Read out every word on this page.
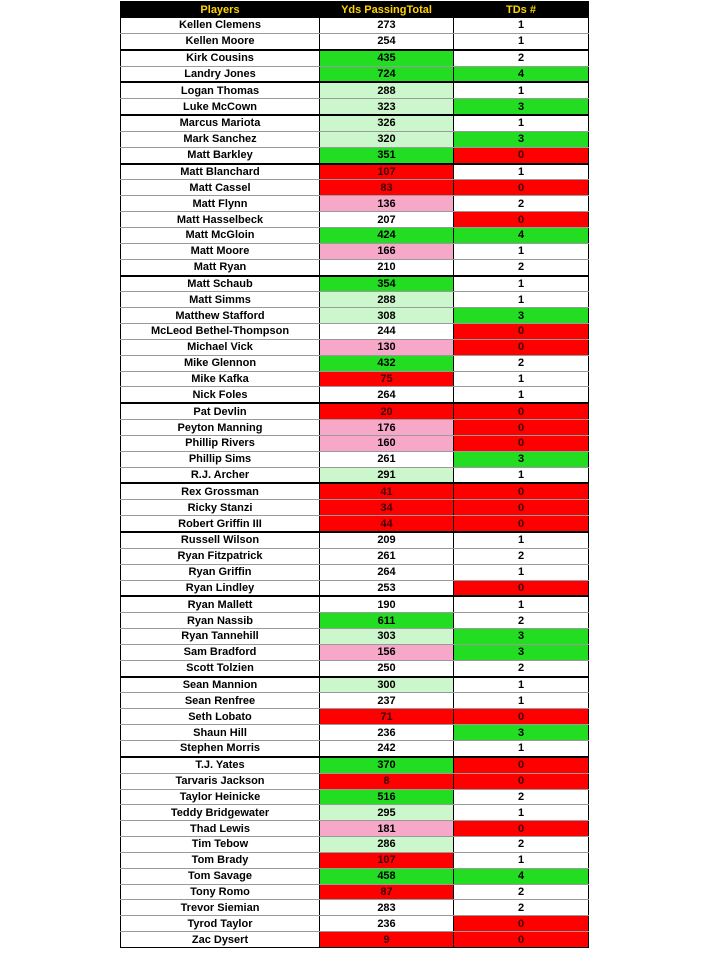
Players	Yds PassingTotal	TDs #
Kellen Clemens	273	1
Kellen Moore	254	1
Kirk Cousins	435	2
Landry Jones	724	4
Logan Thomas	288	1
Luke McCown	323	3
Marcus Mariota	326	1
Mark Sanchez	320	3
Matt Barkley	351	0
Matt Blanchard	107	1
Matt Cassel	83	0
Matt Flynn	136	2
Matt Hasselbeck	207	0
Matt McGloin	424	4
Matt Moore	166	1
Matt Ryan	210	2
Matt Schaub	354	1
Matt Simms	288	1
Matthew Stafford	308	3
McLeod Bethel-Thompson	244	0
Michael Vick	130	0
Mike Glennon	432	2
Mike Kafka	75	1
Nick Foles	264	1
Pat Devlin	20	0
Peyton Manning	176	0
Phillip Rivers	160	0
Phillip Sims	261	3
R.J. Archer	291	1
Rex Grossman	41	0
Ricky Stanzi	34	0
Robert Griffin III	44	0
Russell Wilson	209	1
Ryan Fitzpatrick	261	2
Ryan Griffin	264	1
Ryan Lindley	253	0
Ryan Mallett	190	1
Ryan Nassib	611	2
Ryan Tannehill	303	3
Sam Bradford	156	3
Scott Tolzien	250	2
Sean Mannion	300	1
Sean Renfree	237	1
Seth Lobato	71	0
Shaun Hill	236	3
Stephen Morris	242	1
T.J. Yates	370	0
Tarvaris Jackson	8	0
Taylor Heinicke	516	2
Teddy Bridgewater	295	1
Thad Lewis	181	0
Tim Tebow	286	2
Tom Brady	107	1
Tom Savage	458	4
Tony Romo	87	2
Trevor Siemian	283	2
Tyrod Taylor	236	0
Zac Dysert	9	0
